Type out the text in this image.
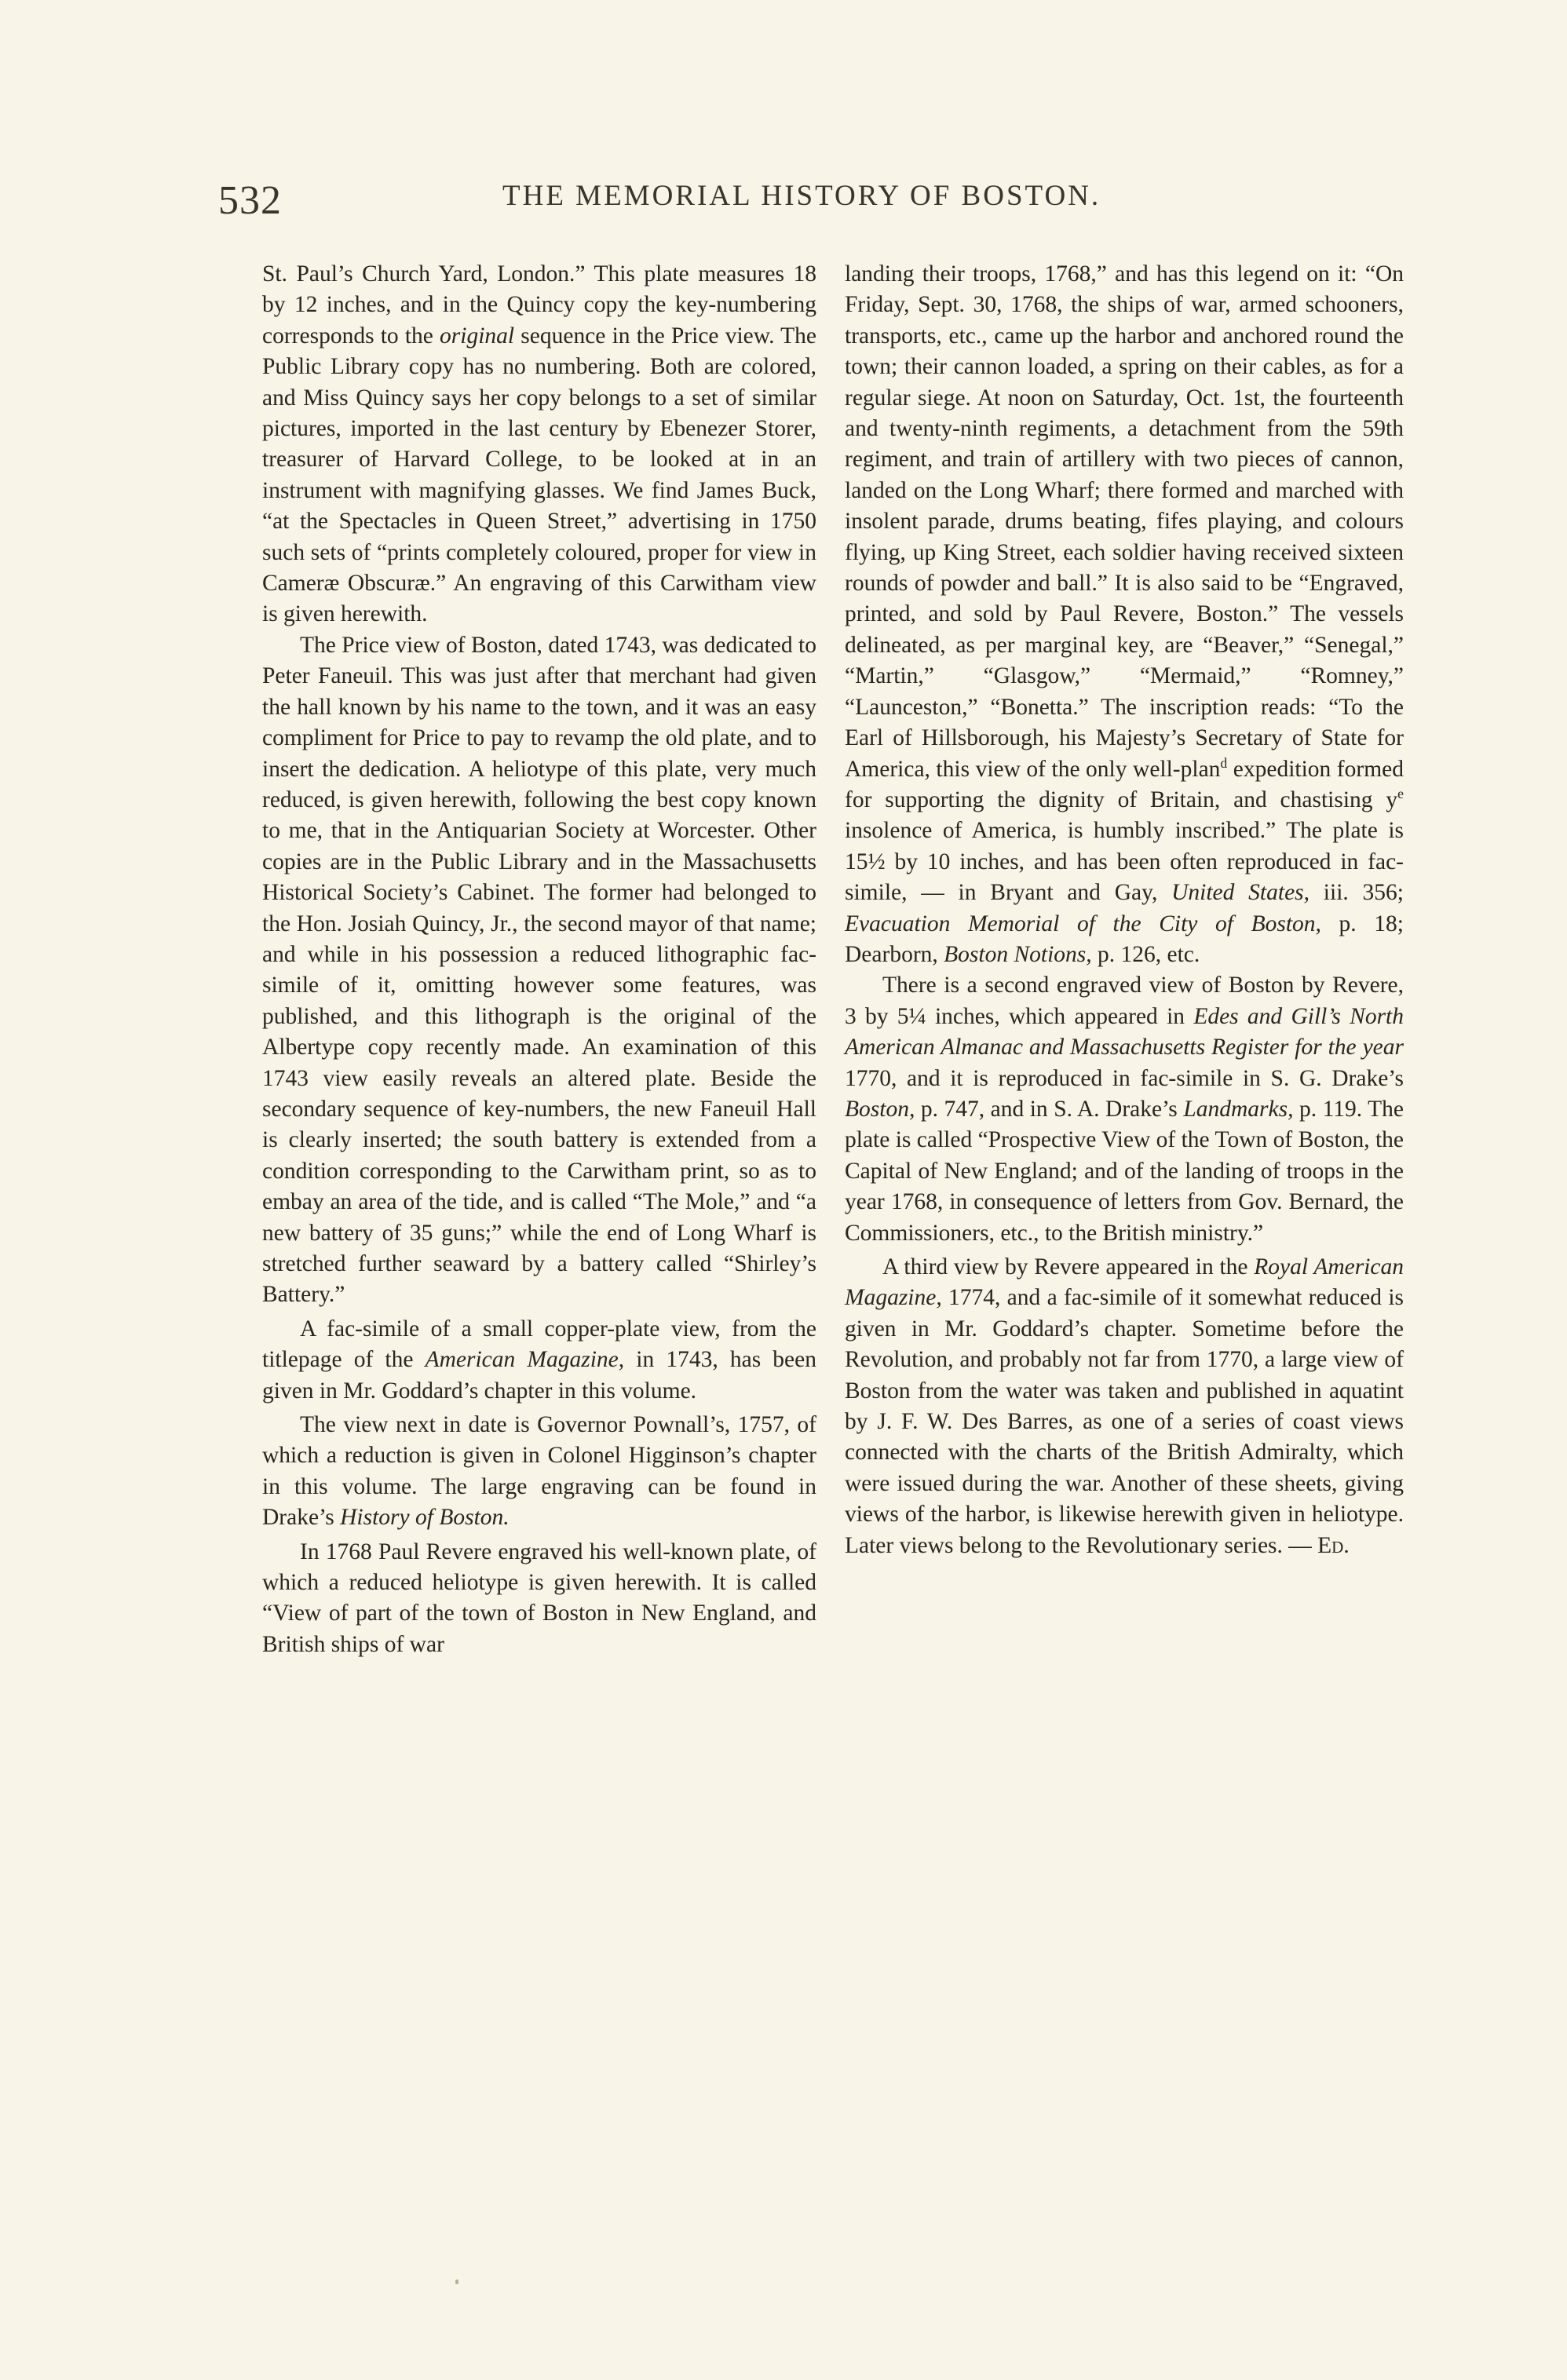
532	THE MEMORIAL HISTORY OF BOSTON.

St. Paul’s Church Yard, London.” This plate measures 18 by 12 inches, and in the Quincy copy the key-numbering corresponds to the original sequence in the Price view. The Public Library copy has no numbering. Both are colored, and Miss Quincy says her copy belongs to a set of similar pictures, imported in the last century by Ebenezer Storer, treasurer of Harvard College, to be looked at in an instrument with magnifying glasses. We find James Buck, “at the Spectacles in Queen Street,” advertising in 1750 such sets of “prints completely coloured, proper for view in Cameræ Obscuræ.” An engraving of this Carwitham view is given herewith.

The Price view of Boston, dated 1743, was dedicated to Peter Faneuil. This was just after that merchant had given the hall known by his name to the town, and it was an easy compliment for Price to pay to revamp the old plate, and to insert the dedication. A heliotype of this plate, very much reduced, is given herewith, following the best copy known to me, that in the Antiquarian Society at Worcester. Other copies are in the Public Library and in the Massachusetts Historical Society’s Cabinet. The former had belonged to the Hon. Josiah Quincy, Jr., the second mayor of that name; and while in his possession a reduced lithographic fac-simile of it, omitting however some features, was published, and this lithograph is the original of the Albertype copy recently made. An examination of this 1743 view easily reveals an altered plate. Beside the secondary sequence of key-numbers, the new Faneuil Hall is clearly inserted; the south battery is extended from a condition corresponding to the Carwitham print, so as to embay an area of the tide, and is called “The Mole,” and “a new battery of 35 guns;” while the end of Long Wharf is stretched further seaward by a battery called “Shirley’s Battery.”

A fac-simile of a small copper-plate view, from the titlepage of the American Magazine, in 1743, has been given in Mr. Goddard’s chapter in this volume.

The view next in date is Governor Pownall’s, 1757, of which a reduction is given in Colonel Higginson’s chapter in this volume. The large engraving can be found in Drake’s History of Boston.

In 1768 Paul Revere engraved his well-known plate, of which a reduced heliotype is given herewith. It is called “View of part of the town of Boston in New England, and British ships of war

landing their troops, 1768,” and has this legend on it: “On Friday, Sept. 30, 1768, the ships of war, armed schooners, transports, etc., came up the harbor and anchored round the town; their cannon loaded, a spring on their cables, as for a regular siege. At noon on Saturday, Oct. 1st, the fourteenth and twenty-ninth regiments, a detachment from the 59th regiment, and train of artillery with two pieces of cannon, landed on the Long Wharf; there formed and marched with insolent parade, drums beating, fifes playing, and colours flying, up King Street, each soldier having received sixteen rounds of powder and ball.” It is also said to be “Engraved, printed, and sold by Paul Revere, Boston.” The vessels delineated, as per marginal key, are “Beaver,” “Senegal,” “Martin,” “Glasgow,” “Mermaid,” “Romney,” “Launceston,” “Bonetta.” The inscription reads: “To the Earl of Hillsborough, his Majesty’s Secretary of State for America, this view of the only well-plan$^d$ expedition formed for supporting the dignity of Britain, and chastising $y^e$ insolence of America, is humbly inscribed.” The plate is 15½ by 10 inches, and has been often reproduced in fac-simile, — in Bryant and Gay, United States, iii. 356; Evacuation Memorial of the City of Boston, p. 18; Dearborn, Boston Notions, p. 126, etc.

There is a second engraved view of Boston by Revere, 3 by 5¼ inches, which appeared in Edes and Gill’s North American Almanac and Massachusetts Register for the year 1770, and it is reproduced in fac-simile in S. G. Drake’s Boston, p. 747, and in S. A. Drake’s Landmarks, p. 119. The plate is called “Prospective View of the Town of Boston, the Capital of New England; and of the landing of troops in the year 1768, in consequence of letters from Gov. Bernard, the Commissioners, etc., to the British ministry.”

A third view by Revere appeared in the Royal American Magazine, 1774, and a fac-simile of it somewhat reduced is given in Mr. Goddard’s chapter. Sometime before the Revolution, and probably not far from 1770, a large view of Boston from the water was taken and published in aquatint by J. F. W. Des Barres, as one of a series of coast views connected with the charts of the British Admiralty, which were issued during the war. Another of these sheets, giving views of the harbor, is likewise herewith given in heliotype. Later views belong to the Revolutionary series. — Ed.
